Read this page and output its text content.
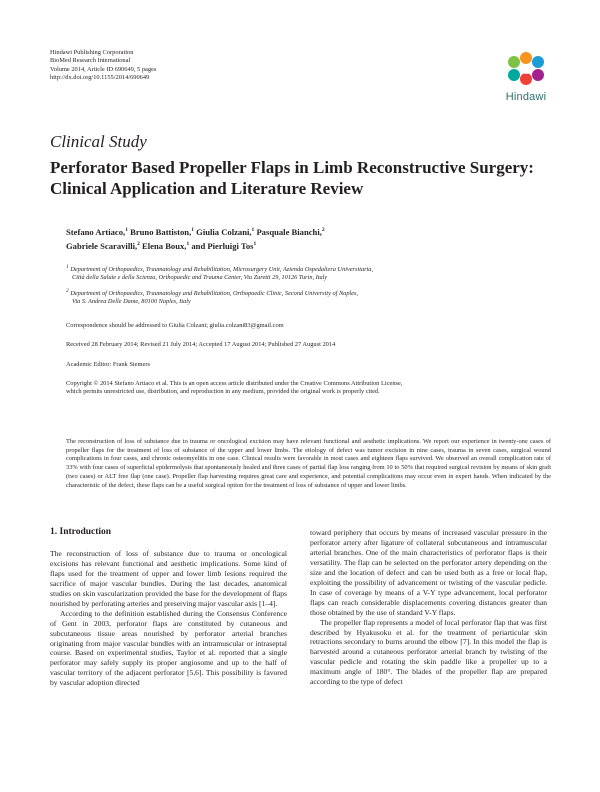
Hindawi Publishing Corporation
BioMed Research International
Volume 2014, Article ID 690649, 5 pages
http://dx.doi.org/10.1155/2014/690649
Hindawi
Clinical Study
Perforator Based Propeller Flaps in Limb Reconstructive Surgery: Clinical Application and Literature Review
Stefano Artiaco,$^1$ Bruno Battiston,$^1$ Giulia Colzani,$^1$ Pasquale Bianchi,$^2$
Gabriele Scaravilli,$^2$ Elena Boux,$^1$ and Pierluigi Tos$^1$
$^1$ Department of Orthopaedics, Traumatology and Rehabilitation, Microsurgery Unit, Azienda Ospedaliera Universitaria,
Città della Salute e della Scienza, Orthopaedic and Trauma Center, Via Zuretti 29, 10126 Turin, Italy
$^2$ Department of Orthopaedics, Traumatology and Rehabilitation, Orthopaedic Clinic, Second University of Naples,
Via S. Andrea Delle Dame, 80100 Naples, Italy
Correspondence should be addressed to Giulia Colzani; giulia.colzani83@gmail.com
Received 28 February 2014; Revised 21 July 2014; Accepted 17 August 2014; Published 27 August 2014
Academic Editor: Frank Siemers
Copyright © 2014 Stefano Artiaco et al. This is an open access article distributed under the Creative Commons Attribution License,
which permits unrestricted use, distribution, and reproduction in any medium, provided the original work is properly cited.
The reconstruction of loss of substance due to trauma or oncological excision may have relevant functional and aesthetic implications. We report our experience in twenty-one cases of propeller flaps for the treatment of loss of substance of the upper and lower limbs. The etiology of defect was tumor excision in nine cases, trauma in seven cases, surgical wound complications in four cases, and chronic osteomyelitis in one case. Clinical results were favorable in most cases and eighteen flaps survived. We observed an overall complication rate of 33% with four cases of superficial epidermolysis that spontaneously healed and three cases of partial flap loss ranging from 10 to 50% that required surgical revision by means of skin graft (two cases) or ALT free flap (one case). Propeller flap harvesting requires great care and experience, and potential complications may occur even in expert hands. When indicated by the characteristic of the defect, these flaps can be a useful surgical option for the treatment of loss of substance of upper and lower limbs.
1. Introduction

The reconstruction of loss of substance due to trauma or oncological excisions has relevant functional and aesthetic implications. Some kind of flaps used for the treatment of upper and lower limb lesions required the sacrifice of major vascular bundles. During the last decades, anatomical studies on skin vascularization provided the base for the development of flaps nourished by perforating arteries and preserving major vascular axis [1–4].

According to the definition established during the Consensus Conference of Gent in 2003, perforator flaps are constituted by cutaneous and subcutaneous tissue areas nourished by perforator arterial branches originating from major vascular bundles with an intramuscular or intraseptal course. Based on experimental studies, Taylor et al. reported that a single perforator may safely supply its proper angiosome and up to the half of vascular territory of the adjacent perforator [5,6]. This possibility is favored by vascular adoption directed

toward periphery that occurs by means of increased vascular pressure in the perforator artery after ligature of collateral subcutaneous and intramuscular arterial branches. One of the main characteristics of perforator flaps is their versatility. The flap can be selected on the perforator artery depending on the size and the location of defect and can be used both as a free or local flap, exploiting the possibility of advancement or twisting of the vascular pedicle. In case of coverage by means of a V-Y type advancement, local perforator flaps can reach considerable displacements covering distances greater than those obtained by the use of standard V-Y flaps.

The propeller flap represents a model of local perforator flap that was first described by Hyakusoku et al. for the treatment of periarticular skin retractions secondary to burns around the elbow [7]. In this model the flap is harvested around a cutaneous perforator arterial branch by twisting of the vascular pedicle and rotating the skin paddle like a propeller up to a maximum angle of 180°. The blades of the propeller flap are prepared according to the type of defect
